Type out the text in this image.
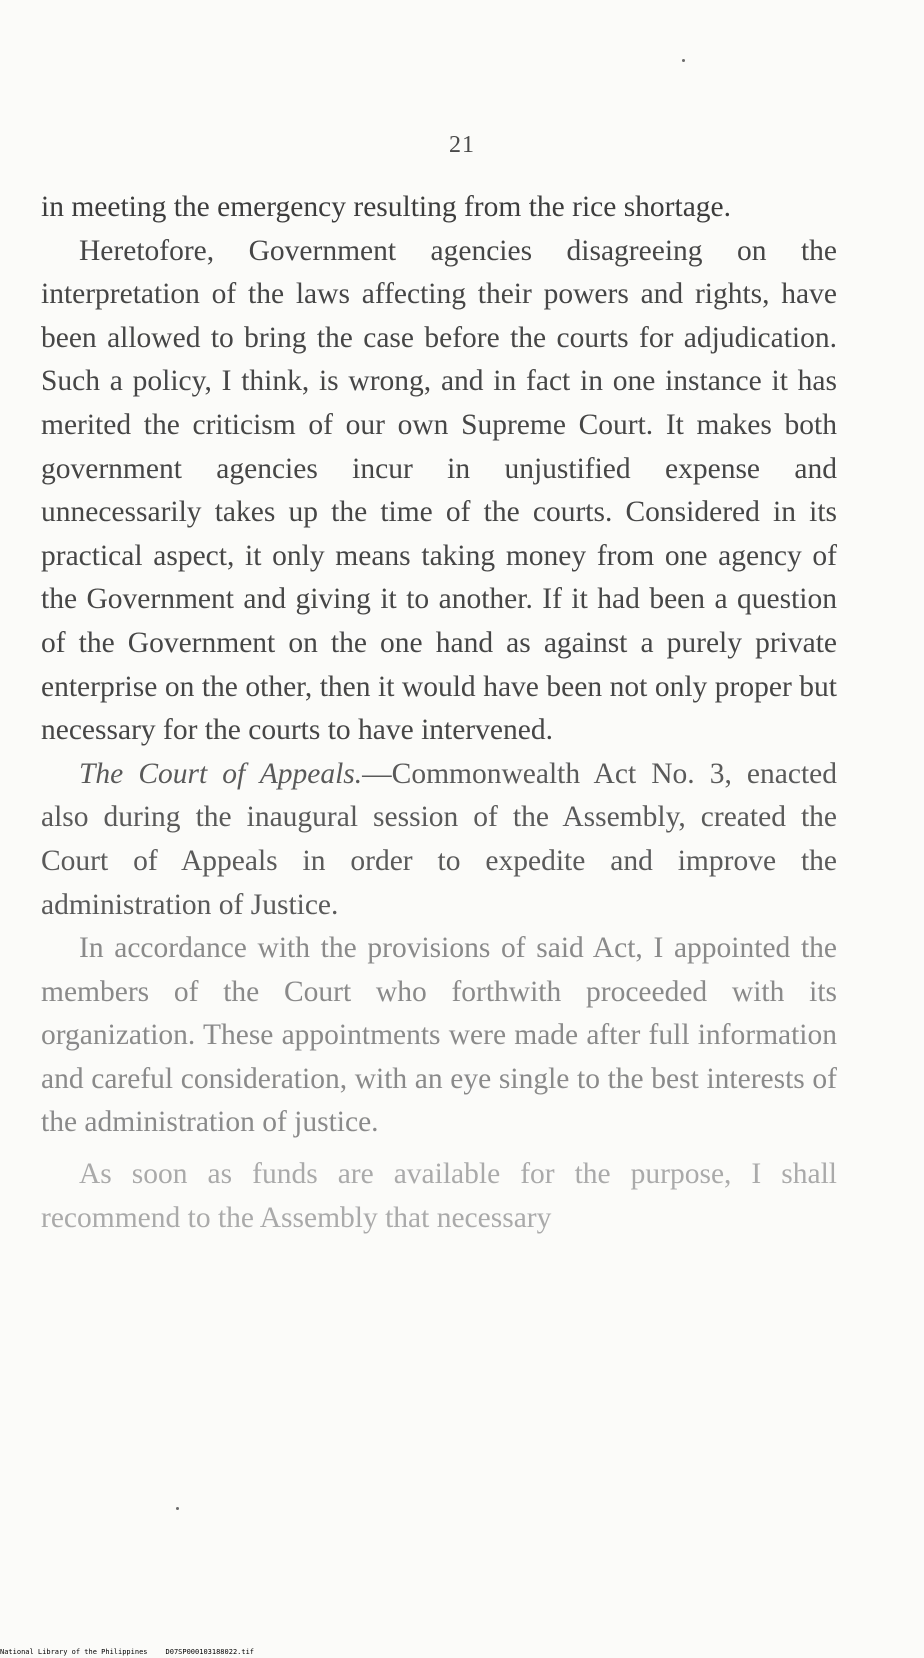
21

in meeting the emergency resulting from the rice shortage.

Heretofore, Government agencies disagreeing on the interpretation of the laws affecting their powers and rights, have been allowed to bring the case before the courts for adjudication. Such a policy, I think, is wrong, and in fact in one instance it has merited the criticism of our own Supreme Court. It makes both government agencies incur in unjustified expense and unnecessarily takes up the time of the courts. Considered in its practical aspect, it only means taking money from one agency of the Government and giving it to another. If it had been a question of the Government on the one hand as against a purely private enterprise on the other, then it would have been not only proper but necessary for the courts to have intervened.

The Court of Appeals.—Commonwealth Act No. 3, enacted also during the inaugural session of the Assembly, created the Court of Appeals in order to expedite and improve the administration of Justice.

In accordance with the provisions of said Act, I appointed the members of the Court who forthwith proceeded with its organization. These appointments were made after full information and careful consideration, with an eye single to the best interests of the administration of justice.

As soon as funds are available for the purpose, I shall recommend to the Assembly that necessary

National Library of the Philippines	D07SP000103188022.tif
